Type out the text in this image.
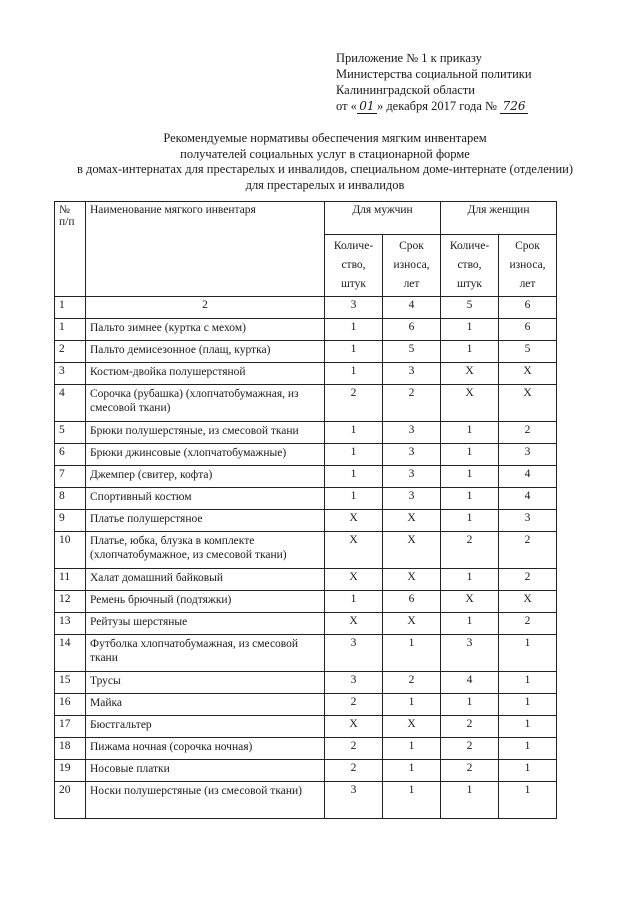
Приложение № 1 к приказу
Министерства социальной политики
Калининградской области
от « 01 » декабря 2017 года № 726
Рекомендуемые нормативы обеспечения мягким инвентарем
получателей социальных услуг в стационарной форме
в домах-интернатах для престарелых и инвалидов, специальном доме-интернате (отделении)
для престарелых и инвалидов
№ п/п	Наименование мягкого инвентаря	Для мужчин		Для женщин	
		Количе-ство, штук	Срок износа, лет	Количе-ство, штук	Срок износа, лет
1	2	3	4	5	6
1	Пальто зимнее (куртка с мехом)	1	6	1	6
2	Пальто демисезонное (плащ, куртка)	1	5	1	5
3	Костюм-двойка полушерстяной	1	3	Х	Х
4	Сорочка (рубашка) (хлопчатобумажная, из смесовой ткани)	2	2	Х	Х
5	Брюки полушерстяные, из смесовой ткани	1	3	1	2
6	Брюки джинсовые (хлопчатобумажные)	1	3	1	3
7	Джемпер (свитер, кофта)	1	3	1	4
8	Спортивный костюм	1	3	1	4
9	Платье полушерстяное	Х	Х	1	3
10	Платье, юбка, блузка в комплекте (хлопчатобумажное, из смесовой ткани)	Х	Х	2	2
11	Халат домашний байковый	Х	Х	1	2
12	Ремень брючный (подтяжки)	1	6	Х	Х
13	Рейтузы шерстяные	Х	Х	1	2
14	Футболка хлопчатобумажная, из смесовой ткани	3	1	3	1
15	Трусы	3	2	4	1
16	Майка	2	1	1	1
17	Бюстгальтер	Х	Х	2	1
18	Пижама ночная (сорочка ночная)	2	1	2	1
19	Носовые платки	2	1	2	1
20	Носки полушерстяные (из смесовой ткани)	3	1	1	1
